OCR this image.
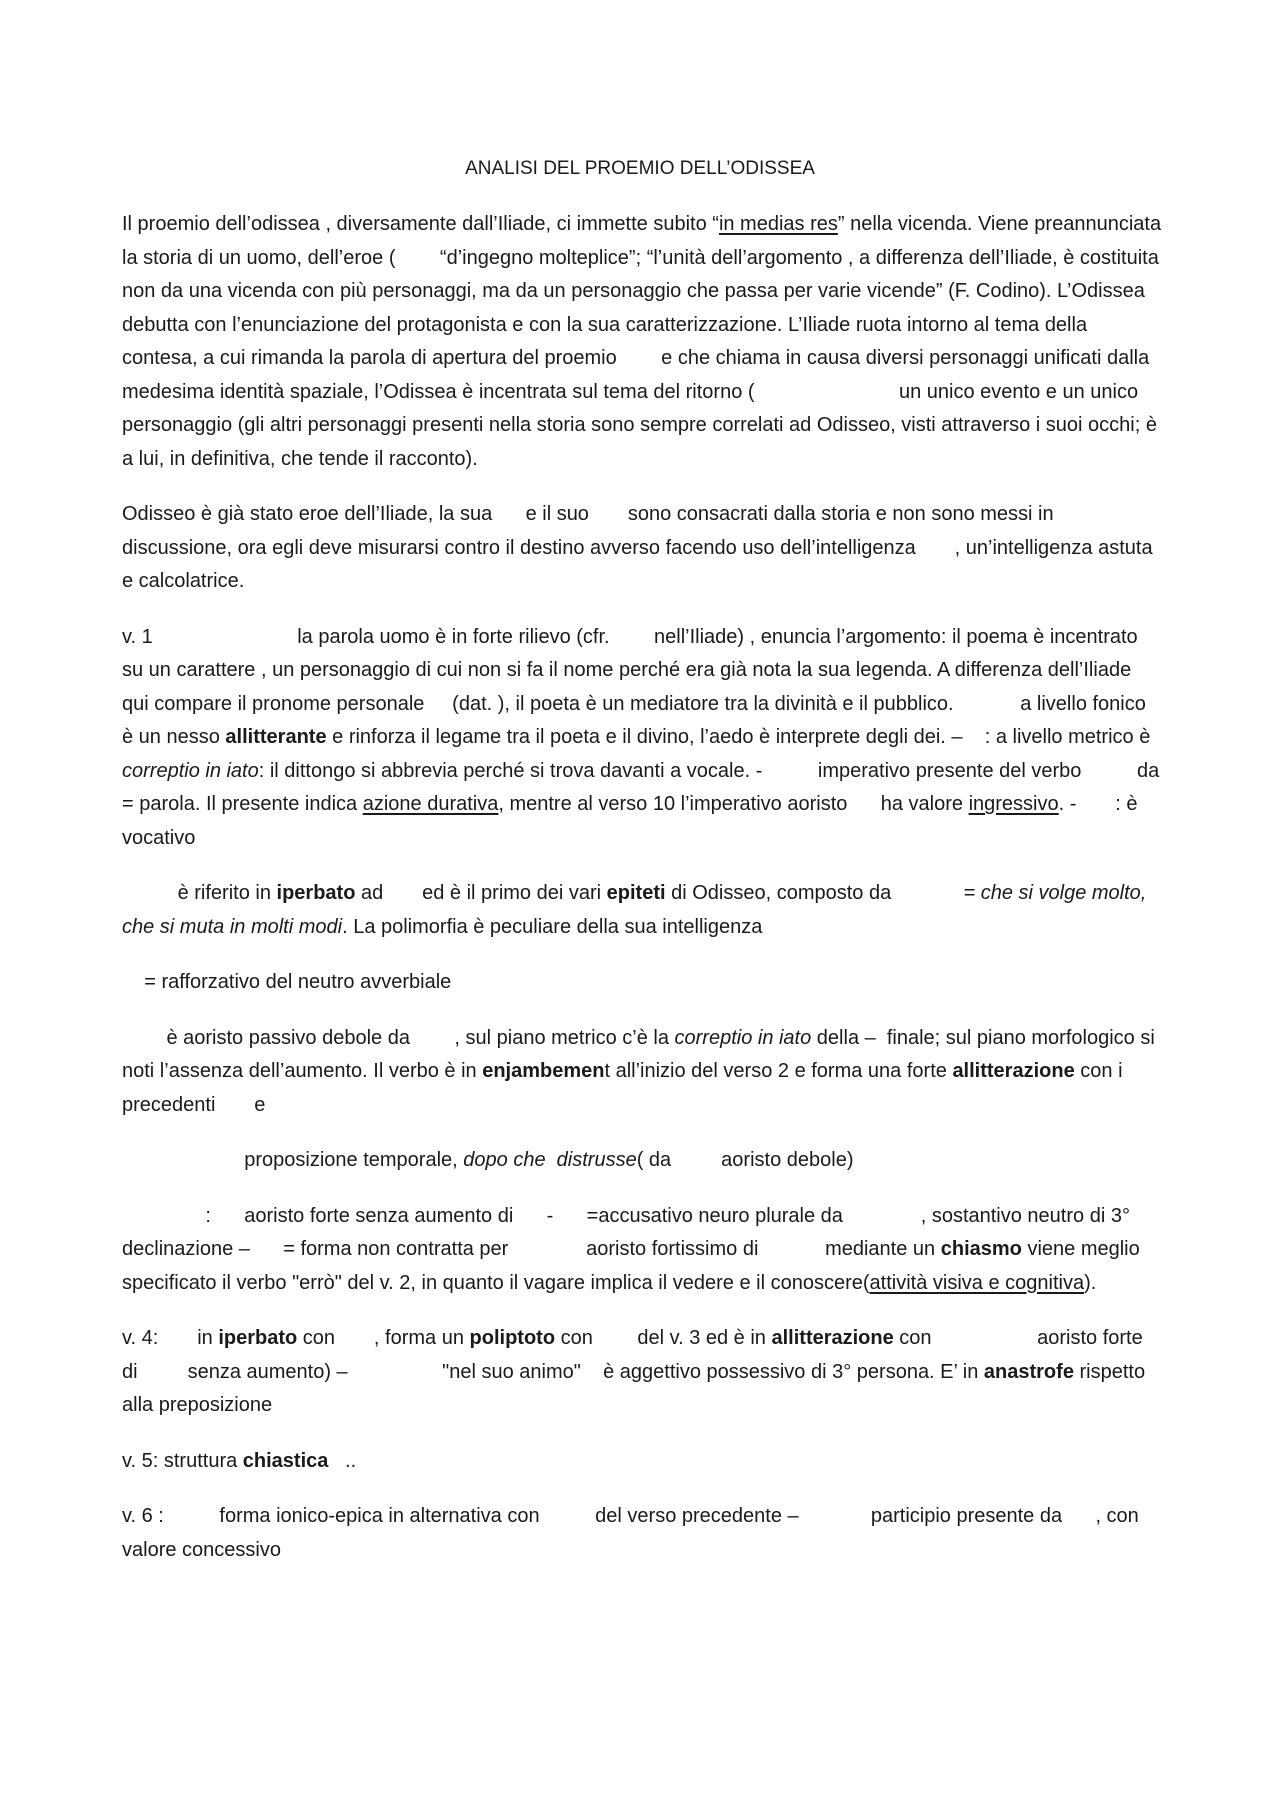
ANALISI DEL PROEMIO DELL’ODISSEA

Il proemio dell’odissea , diversamente dall’Iliade, ci immette subito “in medias res” nella vicenda. Viene preannunciata la storia di un uomo, dell’eroe (        “d’ingegno molteplice”; “l’unità dell’argomento , a differenza dell’Iliade, è costituita non da una vicenda con più personaggi, ma da un personaggio che passa per varie vicende” (F. Codino). L’Odissea debutta con l’enunciazione del protagonista e con la sua caratterizzazione. L’Iliade ruota intorno al tema della contesa, a cui rimanda la parola di apertura del proemio        e che chiama in causa diversi personaggi unificati dalla medesima identità spaziale, l’Odissea è incentrata sul tema del ritorno (                          un unico evento e un unico personaggio (gli altri personaggi presenti nella storia sono sempre correlati ad Odisseo, visti attraverso i suoi occhi; è a lui, in definitiva, che tende il racconto).

Odisseo è già stato eroe dell’Iliade, la sua      e il suo       sono consacrati dalla storia e non sono messi in discussione, ora egli deve misurarsi contro il destino avverso facendo uso dell’intelligenza       , un’intelligenza astuta e calcolatrice.

v. 1                          la parola uomo è in forte rilievo (cfr.        nell’Iliade) , enuncia l’argomento: il poema è incentrato su un carattere , un personaggio di cui non si fa il nome perché era già nota la sua legenda. A differenza dell’Iliade qui compare il pronome personale     (dat. ), il poeta è un mediatore tra la divinità e il pubblico.            a livello fonico è un nesso allitterante e rinforza il legame tra il poeta e il divino, l’aedo è interprete degli dei. –    : a livello metrico è correptio in iato: il dittongo si abbrevia perché si trova davanti a vocale. -          imperativo presente del verbo          da       = parola. Il presente indica azione durativa, mentre al verso 10 l’imperativo aoristo      ha valore ingressivo. -       : è vocativo

è riferito in iperbato ad       ed è il primo dei vari epiteti di Odisseo, composto da             = che si volge molto, che si muta in molti modi. La polimorfia è peculiare della sua intelligenza

= rafforzativo del neutro avverbiale

è aoristo passivo debole da        , sul piano metrico c’è la correptio in iato della –  finale; sul piano morfologico si noti l’assenza dell’aumento. Il verbo è in enjambement all’inizio del verso 2 e forma una forte allitterazione con i precedenti       e

proposizione temporale, dopo che  distrusse( da         aoristo debole)

:      aoristo forte senza aumento di      -      =accusativo neuro plurale da              , sostantivo neutro di 3° declinazione –      = forma non contratta per              aoristo fortissimo di            mediante un chiasmo viene meglio specificato il verbo "errò" del v. 2, in quanto il vagare implica il vedere e il conoscere(attività visiva e cognitiva).

v. 4:       in iperbato con       , forma un poliptoto con        del v. 3 ed è in allitterazione con                   aoristo forte di         senza aumento) –                 "nel suo animo"    è aggettivo possessivo di 3° persona. E’ in anastrofe rispetto alla preposizione

v. 5: struttura chiastica   ..

v. 6 :          forma ionico-epica in alternativa con          del verso precedente –             participio presente da      , con valore concessivo
